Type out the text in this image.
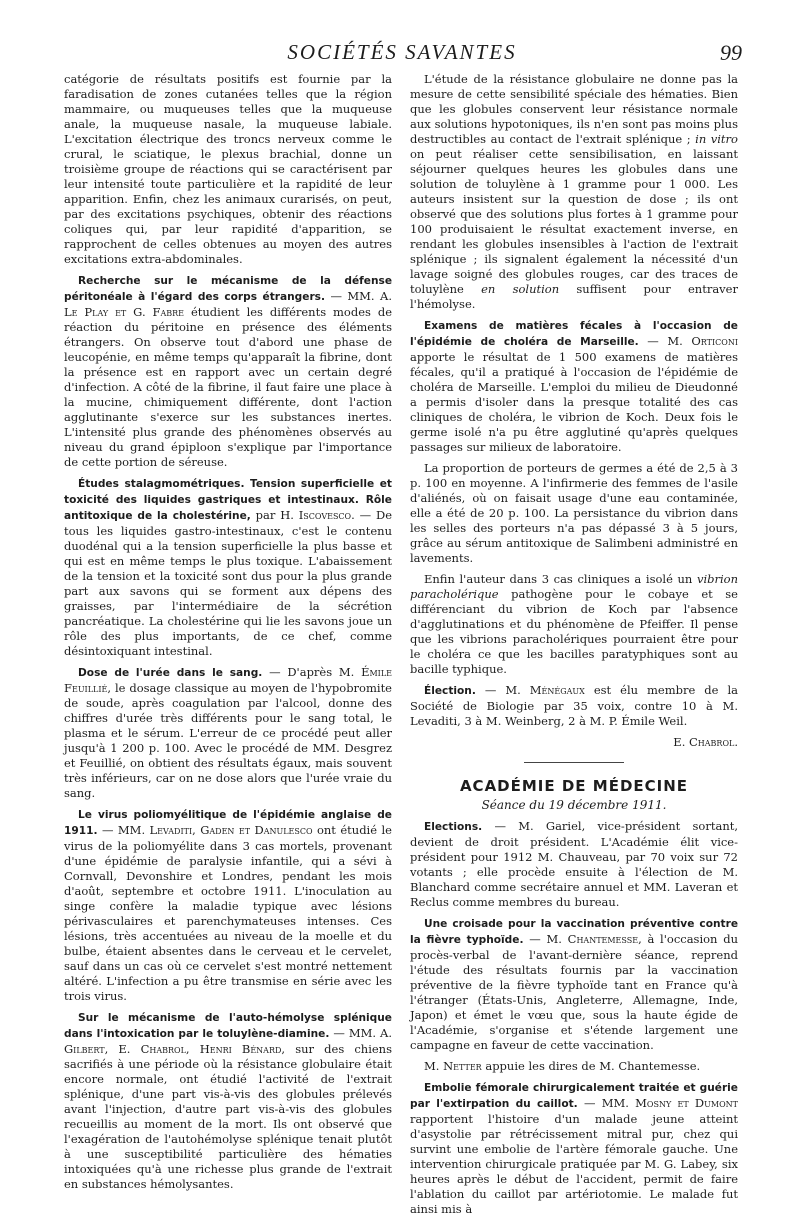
SOCIÉTÉS SAVANTES	99

catégorie de résultats positifs est fournie par la faradisation de zones cutanées telles que la région mammaire, ou muqueuses telles que la muqueuse anale, la muqueuse nasale, la muqueuse labiale. L'excitation électrique des troncs nerveux comme le crural, le sciatique, le plexus brachial, donne un troisième groupe de réactions qui se caractérisent par leur intensité toute particulière et la rapidité de leur apparition. Enfin, chez les animaux curarisés, on peut, par des excitations psychiques, obtenir des réactions coliques qui, par leur rapidité d'apparition, se rapprochent de celles obtenues au moyen des autres excitations extra-abdominales.

Recherche sur le mécanisme de la défense péritonéale à l'égard des corps étrangers. — MM. A. Le Play et G. Fabre étudient les différents modes de réaction du péritoine en présence des éléments étrangers. On observe tout d'abord une phase de leucopénie, en même temps qu'apparaît la fibrine, dont la présence est en rapport avec un certain degré d'infection. A côté de la fibrine, il faut faire une place à la mucine, chimiquement différente, dont l'action agglutinante s'exerce sur les substances inertes. L'intensité plus grande des phénomènes observés au niveau du grand épiploon s'explique par l'importance de cette portion de séreuse.

Études stalagmométriques. Tension superficielle et toxicité des liquides gastriques et intestinaux. Rôle antitoxique de la cholestérine, par H. Iscovesco. — De tous les liquides gastro-intestinaux, c'est le contenu duodénal qui a la tension superficielle la plus basse et qui est en même temps le plus toxique. L'abaissement de la tension et la toxicité sont dus pour la plus grande part aux savons qui se forment aux dépens des graisses, par l'intermédiaire de la sécrétion pancréatique. La cholestérine qui lie les savons joue un rôle des plus importants, de ce chef, comme désintoxiquant intestinal.

Dose de l'urée dans le sang. — D'après M. Émile Feuillié, le dosage classique au moyen de l'hypobromite de soude, après coagulation par l'alcool, donne des chiffres d'urée très différents pour le sang total, le plasma et le sérum. L'erreur de ce procédé peut aller jusqu'à 1 200 p. 100. Avec le procédé de MM. Desgrez et Feuillié, on obtient des résultats égaux, mais souvent très inférieurs, car on ne dose alors que l'urée vraie du sang.

Le virus poliomyélitique de l'épidémie anglaise de 1911. — MM. Levaditi, Gaden et Danulesco ont étudié le virus de la poliomyélite dans 3 cas mortels, provenant d'une épidémie de paralysie infantile, qui a sévi à Cornvall, Devonshire et Londres, pendant les mois d'août, septembre et octobre 1911. L'inoculation au singe confère la maladie typique avec lésions périvasculaires et parenchymateuses intenses. Ces lésions, très accentuées au niveau de la moelle et du bulbe, étaient absentes dans le cerveau et le cervelet, sauf dans un cas où ce cervelet s'est montré nettement altéré. L'infection a pu être transmise en série avec les trois virus.

Sur le mécanisme de l'auto-hémolyse splénique dans l'intoxication par le toluylène-diamine. — MM. A. Gilbert, E. Chabrol, Henri Bénard, sur des chiens sacrifiés à une période où la résistance globulaire était encore normale, ont étudié l'activité de l'extrait splénique, d'une part vis-à-vis des globules prélevés avant l'injection, d'autre part vis-à-vis des globules recueillis au moment de la mort. Ils ont observé que l'exagération de l'autohémolyse splénique tenait plutôt à une susceptibilité particulière des hématies intoxiquées qu'à une richesse plus grande de l'extrait en substances hémolysantes.

L'étude de la résistance globulaire ne donne pas la mesure de cette sensibilité spéciale des hématies. Bien que les globules conservent leur résistance normale aux solutions hypotoniques, ils n'en sont pas moins plus destructibles au contact de l'extrait splénique ; in vitro on peut réaliser cette sensibilisation, en laissant séjourner quelques heures les globules dans une solution de toluylène à 1 gramme pour 1 000. Les auteurs insistent sur la question de dose ; ils ont observé que des solutions plus fortes à 1 gramme pour 100 produisaient le résultat exactement inverse, en rendant les globules insensibles à l'action de l'extrait splénique ; ils signalent également la nécessité d'un lavage soigné des globules rouges, car des traces de toluylène en solution suffisent pour entraver l'hémolyse.

Examens de matières fécales à l'occasion de l'épidémie de choléra de Marseille. — M. Orticoni apporte le résultat de 1 500 examens de matières fécales, qu'il a pratiqué à l'occasion de l'épidémie de choléra de Marseille. L'emploi du milieu de Dieudonné a permis d'isoler dans la presque totalité des cas cliniques de choléra, le vibrion de Koch. Deux fois le germe isolé n'a pu être agglutiné qu'après quelques passages sur milieux de laboratoire.

La proportion de porteurs de germes a été de 2,5 à 3 p. 100 en moyenne. A l'infirmerie des femmes de l'asile d'aliénés, où on faisait usage d'une eau contaminée, elle a été de 20 p. 100. La persistance du vibrion dans les selles des porteurs n'a pas dépassé 3 à 5 jours, grâce au sérum antitoxique de Salimbeni administré en lavements.

Enfin l'auteur dans 3 cas cliniques a isolé un vibrion paracholérique pathogène pour le cobaye et se différenciant du vibrion de Koch par l'absence d'agglutinations et du phénomène de Pfeiffer. Il pense que les vibrions paracholériques pourraient être pour le choléra ce que les bacilles paratyphiques sont au bacille typhique.

Élection. — M. Ménégaux est élu membre de la Société de Biologie par 35 voix, contre 10 à M. Levaditi, 3 à M. Weinberg, 2 à M. P. Émile Weil.

E. Chabrol.
ACADÉMIE DE MÉDECINE
Séance du 19 décembre 1911.

Elections. — M. Gariel, vice-président sortant, devient de droit président. L'Académie élit vice-président pour 1912 M. Chauveau, par 70 voix sur 72 votants ; elle procède ensuite à l'élection de M. Blanchard comme secrétaire annuel et MM. Laveran et Reclus comme membres du bureau.

Une croisade pour la vaccination préventive contre la fièvre typhoïde. — M. Chantemesse, à l'occasion du procès-verbal de l'avant-dernière séance, reprend l'étude des résultats fournis par la vaccination préventive de la fièvre typhoïde tant en France qu'à l'étranger (États-Unis, Angleterre, Allemagne, Inde, Japon) et émet le vœu que, sous la haute égide de l'Académie, s'organise et s'étende largement une campagne en faveur de cette vaccination.

M. Netter appuie les dires de M. Chantemesse.

Embolie fémorale chirurgicalement traitée et guérie par l'extirpation du caillot. — MM. Mosny et Dumont rapportent l'histoire d'un malade jeune atteint d'asystolie par rétrécissement mitral pur, chez qui survint une embolie de l'artère fémorale gauche. Une intervention chirurgicale pratiquée par M. G. Labey, six heures après le début de l'accident, permit de faire l'ablation du caillot par artériotomie. Le malade fut ainsi mis à
